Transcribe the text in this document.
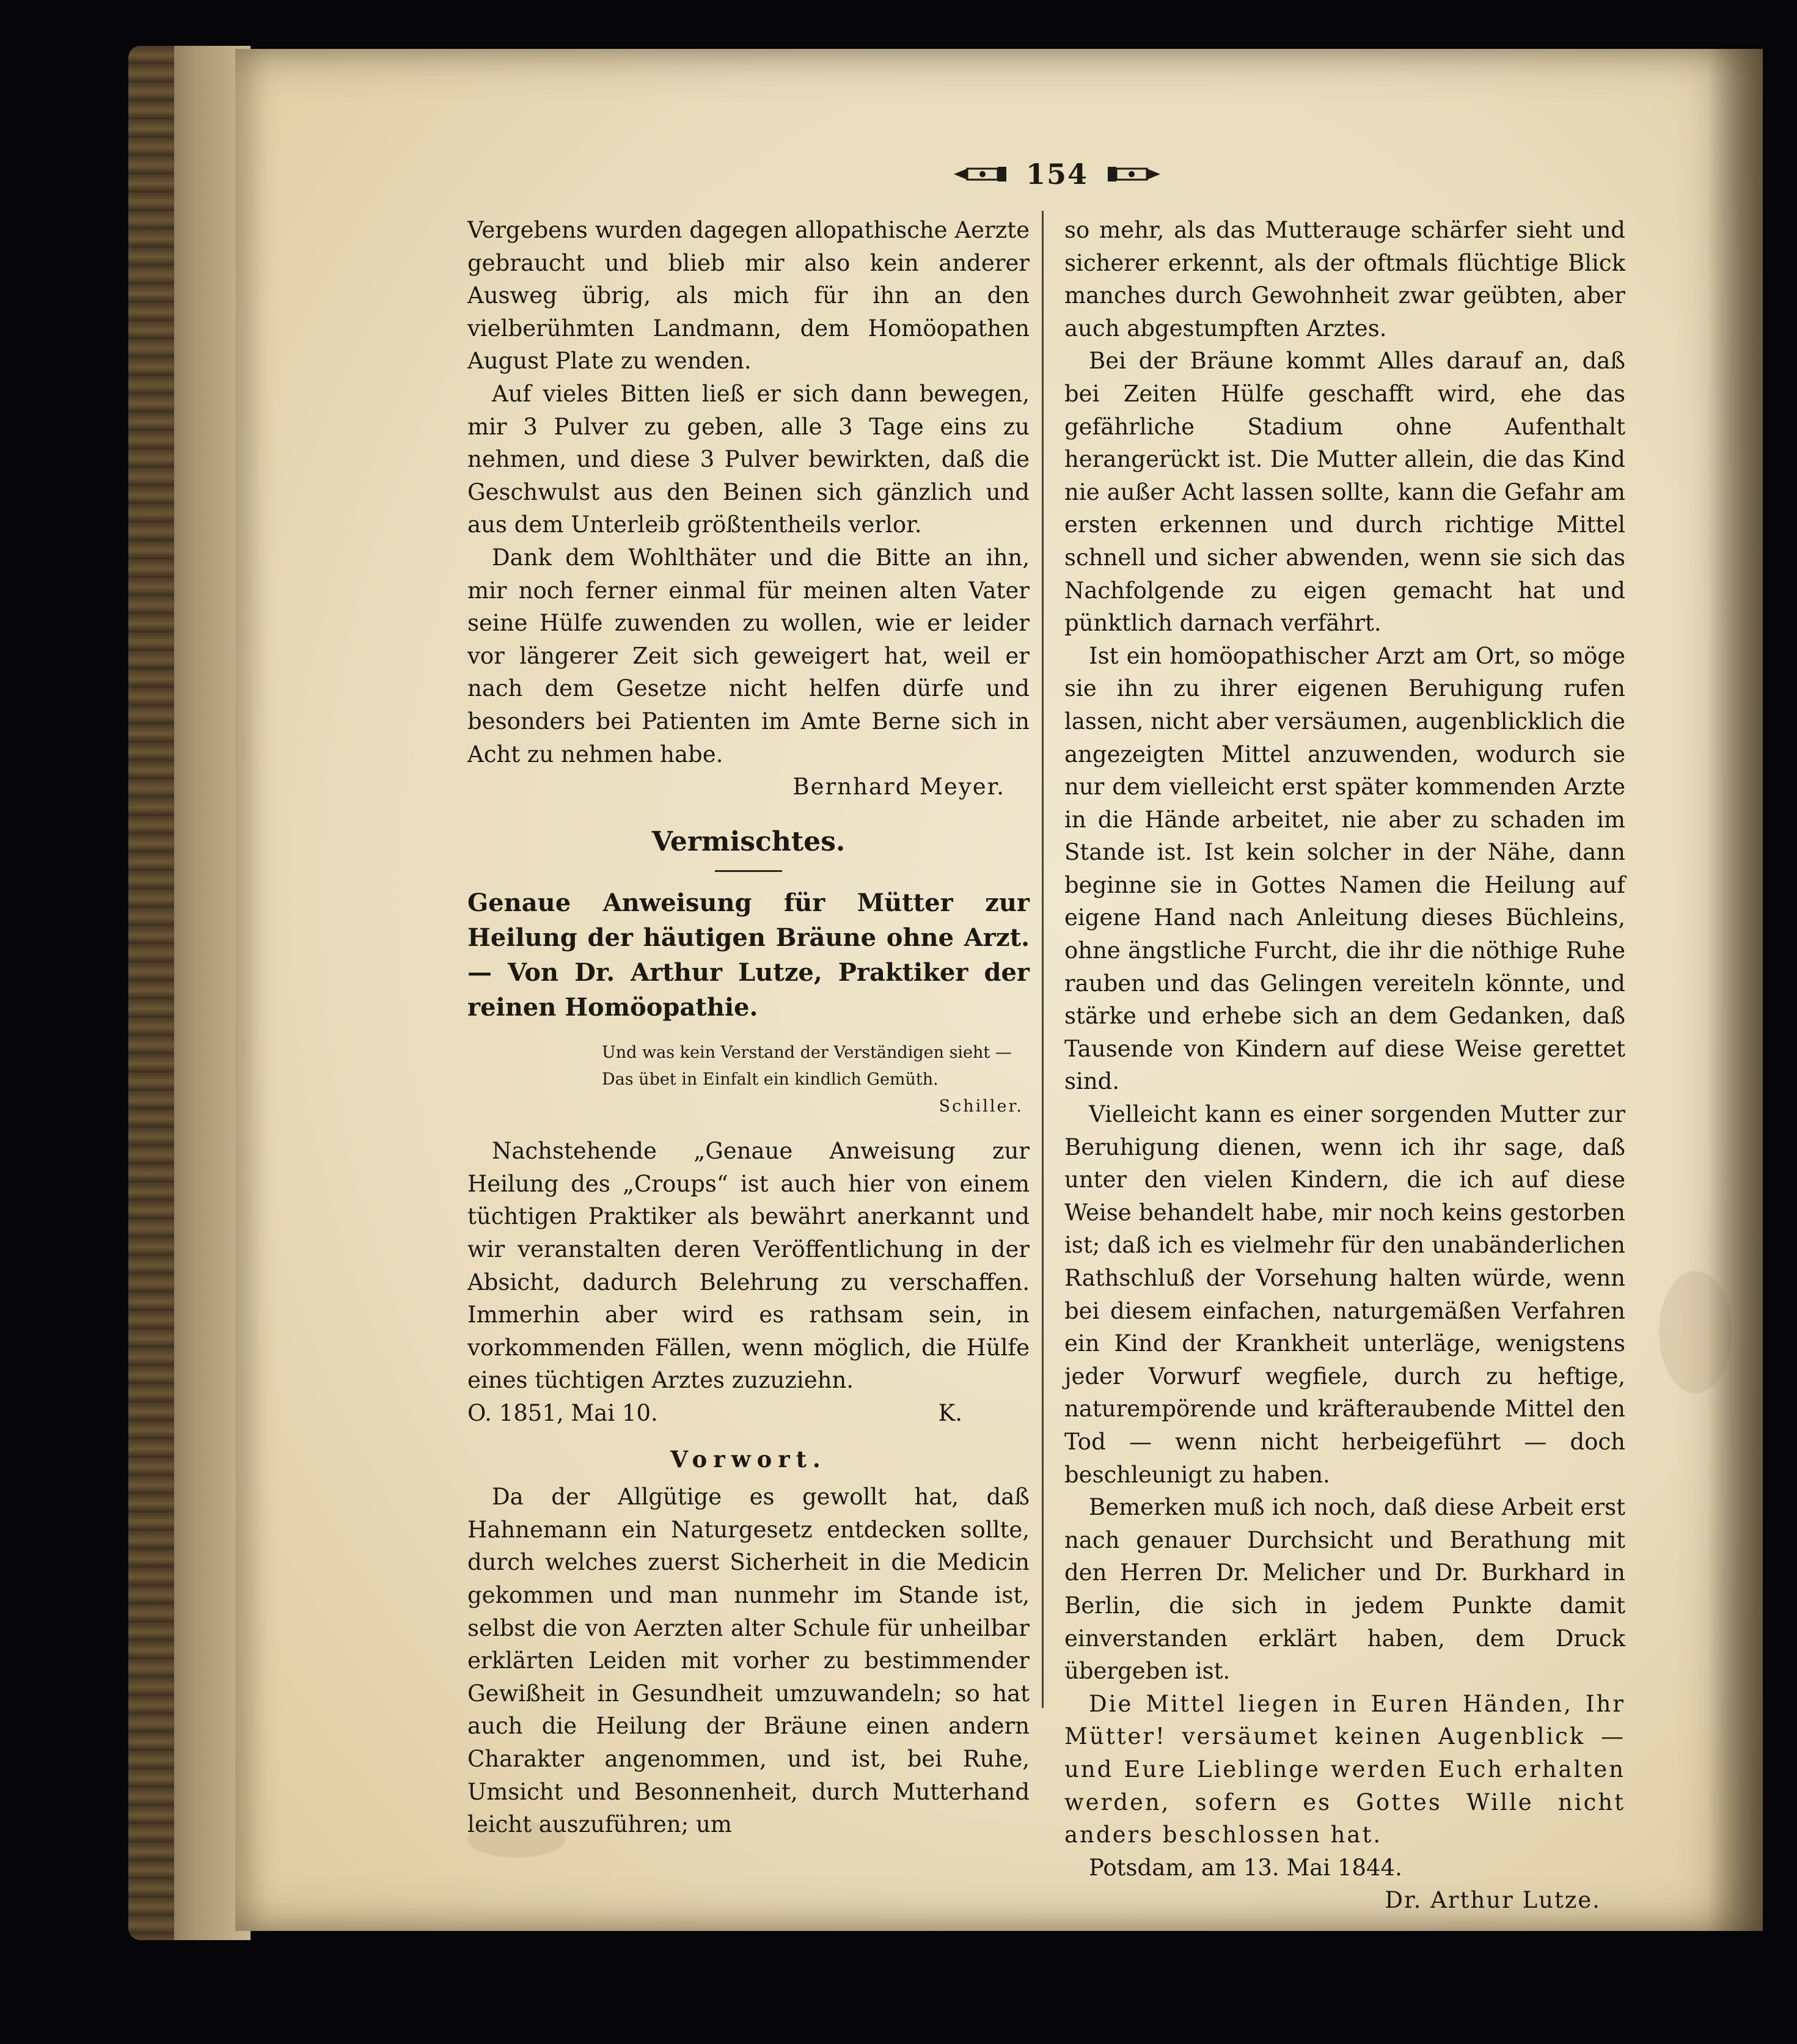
154

Vergebens wurden dagegen allopathische Aerzte gebraucht und blieb mir also kein anderer Ausweg übrig, als mich für ihn an den vielberühmten Landmann, dem Homöopathen August Plate zu wenden.

Auf vieles Bitten ließ er sich dann bewegen, mir 3 Pulver zu geben, alle 3 Tage eins zu nehmen, und diese 3 Pulver bewirkten, daß die Geschwulst aus den Beinen sich gänzlich und aus dem Unterleib größtentheils verlor.

Dank dem Wohlthäter und die Bitte an ihn, mir noch ferner einmal für meinen alten Vater seine Hülfe zuwenden zu wollen, wie er leider vor längerer Zeit sich geweigert hat, weil er nach dem Gesetze nicht helfen dürfe und besonders bei Patienten im Amte Berne sich in Acht zu nehmen habe.

Bernhard Meyer.

Vermischtes.

Genaue Anweisung für Mütter zur Heilung der häutigen Bräune ohne Arzt. — Von Dr. Arthur Lutze, Praktiker der reinen Homöopathie.

Und was kein Verstand der Verständigen sieht —
Das übet in Einfalt ein kindlich Gemüth.
Schiller.

Nachstehende „Genaue Anweisung zur Heilung des „Croups“ ist auch hier von einem tüchtigen Praktiker als bewährt anerkannt und wir veranstalten deren Veröffentlichung in der Absicht, dadurch Belehrung zu verschaffen. Immerhin aber wird es rathsam sein, in vorkommenden Fällen, wenn möglich, die Hülfe eines tüchtigen Arztes zuzuziehn.

O. 1851, Mai 10.	K.

Vorwort.

Da der Allgütige es gewollt hat, daß Hahnemann ein Naturgesetz entdecken sollte, durch welches zuerst Sicherheit in die Medicin gekommen und man nunmehr im Stande ist, selbst die von Aerzten alter Schule für unheilbar erklärten Leiden mit vorher zu bestimmender Gewißheit in Gesundheit umzuwandeln; so hat auch die Heilung der Bräune einen andern Charakter angenommen, und ist, bei Ruhe, Umsicht und Besonnenheit, durch Mutterhand leicht auszuführen; um

so mehr, als das Mutterauge schärfer sieht und sicherer erkennt, als der oftmals flüchtige Blick manches durch Gewohnheit zwar geübten, aber auch abgestumpften Arztes.

Bei der Bräune kommt Alles darauf an, daß bei Zeiten Hülfe geschafft wird, ehe das gefährliche Stadium ohne Aufenthalt herangerückt ist. Die Mutter allein, die das Kind nie außer Acht lassen sollte, kann die Gefahr am ersten erkennen und durch richtige Mittel schnell und sicher abwenden, wenn sie sich das Nachfolgende zu eigen gemacht hat und pünktlich darnach verfährt.

Ist ein homöopathischer Arzt am Ort, so möge sie ihn zu ihrer eigenen Beruhigung rufen lassen, nicht aber versäumen, augenblicklich die angezeigten Mittel anzuwenden, wodurch sie nur dem vielleicht erst später kommenden Arzte in die Hände arbeitet, nie aber zu schaden im Stande ist. Ist kein solcher in der Nähe, dann beginne sie in Gottes Namen die Heilung auf eigene Hand nach Anleitung dieses Büchleins, ohne ängstliche Furcht, die ihr die nöthige Ruhe rauben und das Gelingen vereiteln könnte, und stärke und erhebe sich an dem Gedanken, daß Tausende von Kindern auf diese Weise gerettet sind.

Vielleicht kann es einer sorgenden Mutter zur Beruhigung dienen, wenn ich ihr sage, daß unter den vielen Kindern, die ich auf diese Weise behandelt habe, mir noch keins gestorben ist; daß ich es vielmehr für den unabänderlichen Rathschluß der Vorsehung halten würde, wenn bei diesem einfachen, naturgemäßen Verfahren ein Kind der Krankheit unterläge, wenigstens jeder Vorwurf wegfiele, durch zu heftige, naturempörende und kräfteraubende Mittel den Tod — wenn nicht herbeigeführt — doch beschleunigt zu haben.

Bemerken muß ich noch, daß diese Arbeit erst nach genauer Durchsicht und Berathung mit den Herren Dr. Melicher und Dr. Burkhard in Berlin, die sich in jedem Punkte damit einverstanden erklärt haben, dem Druck übergeben ist.

Die Mittel liegen in Euren Händen, Ihr Mütter! versäumet keinen Augenblick — und Eure Lieblinge werden Euch erhalten werden, sofern es Gottes Wille nicht anders beschlossen hat.

Potsdam, am 13. Mai 1844.

Dr. Arthur Lutze.
